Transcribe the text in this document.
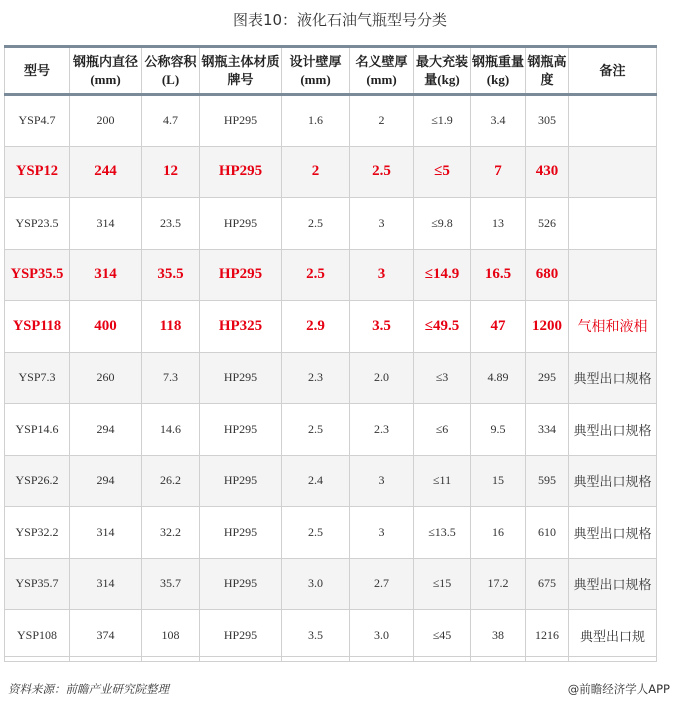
图表10：液化石油气瓶型号分类
型号	钢瓶内直径(mm)	公称容积(L)	钢瓶主体材质牌号	设计壁厚(mm)	名义壁厚(mm)	最大充装量(kg)	钢瓶重量(kg)	钢瓶高度	备注
YSP4.7	200	4.7	HP295	1.6	2	≤1.9	3.4	305	
YSP12	244	12	HP295	2	2.5	≤5	7	430	
YSP23.5	314	23.5	HP295	2.5	3	≤9.8	13	526	
YSP35.5	314	35.5	HP295	2.5	3	≤14.9	16.5	680	
YSP118	400	118	HP325	2.9	3.5	≤49.5	47	1200	气相和液相
YSP7.3	260	7.3	HP295	2.3	2.0	≤3	4.89	295	典型出口规格
YSP14.6	294	14.6	HP295	2.5	2.3	≤6	9.5	334	典型出口规格
YSP26.2	294	26.2	HP295	2.4	3	≤11	15	595	典型出口规格
YSP32.2	314	32.2	HP295	2.5	3	≤13.5	16	610	典型出口规格
YSP35.7	314	35.7	HP295	3.0	2.7	≤15	17.2	675	典型出口规格
YSP108	374	108	HP295	3.5	3.0	≤45	38	1216	典型出口规
资料来源：前瞻产业研究院整理	@前瞻经济学人APP
